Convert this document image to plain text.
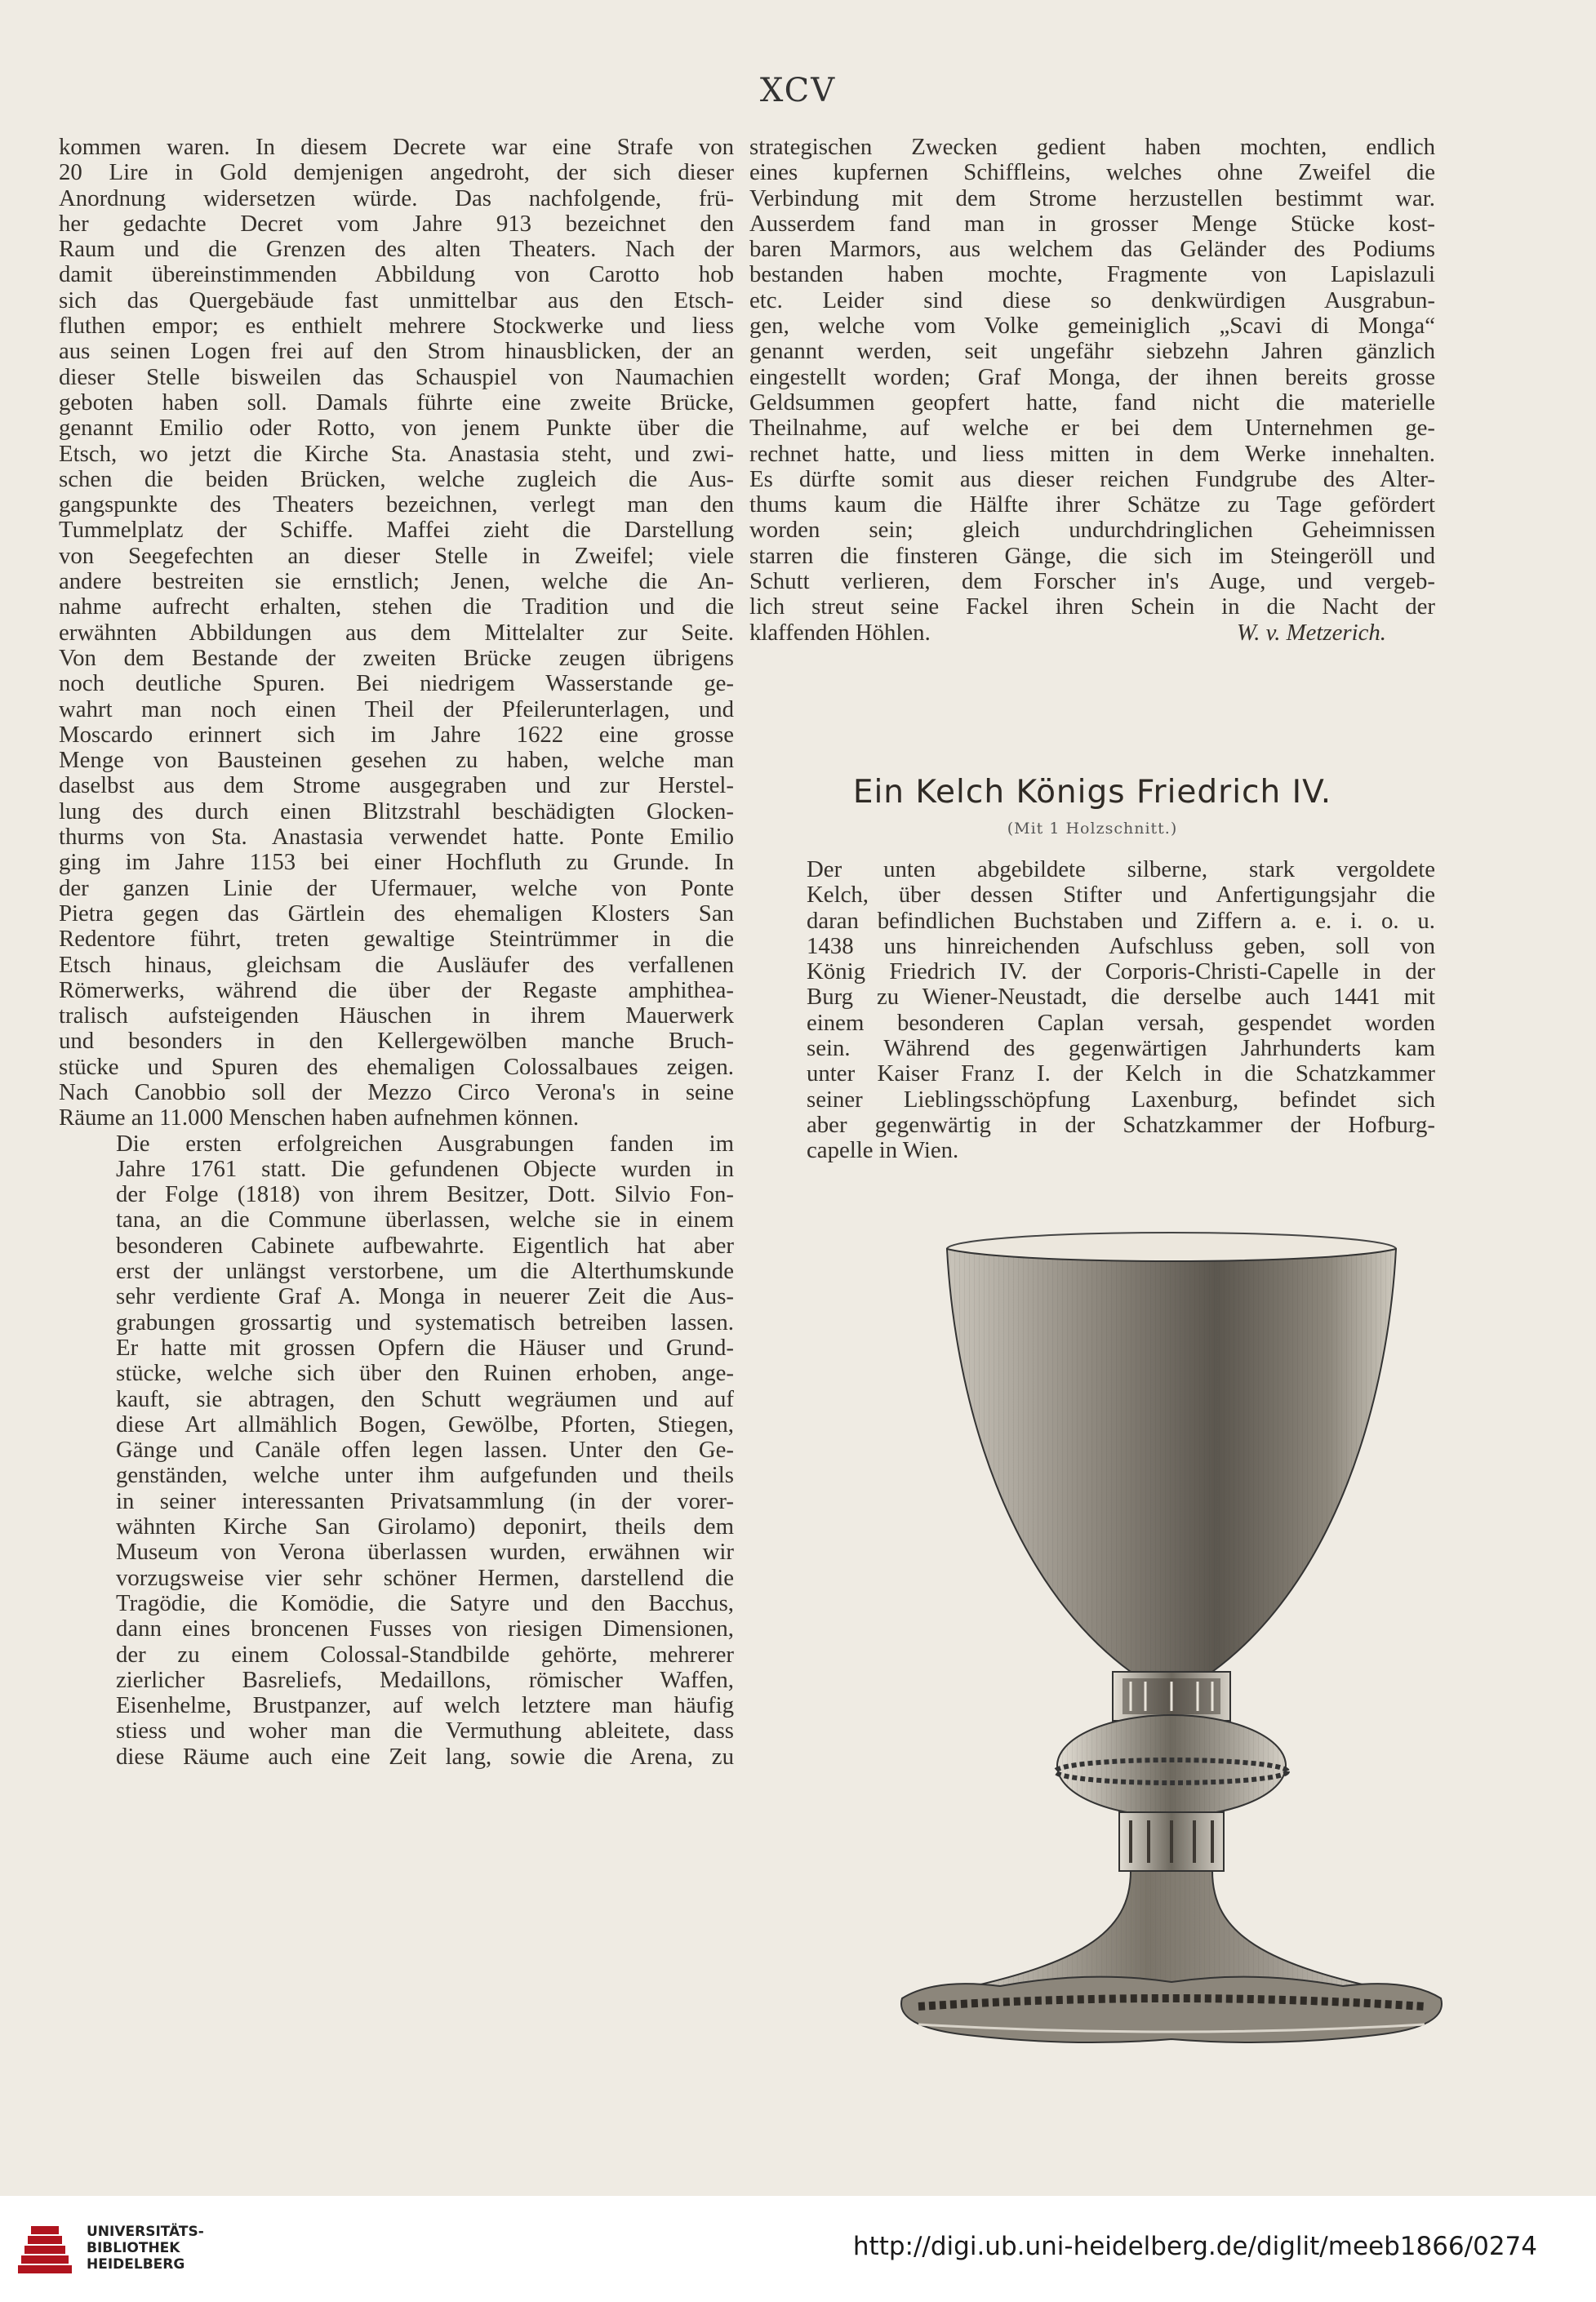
XCV

kommen waren. In diesem Decrete war eine Strafe von
20 Lire in Gold demjenigen angedroht, der sich dieser
Anordnung widersetzen würde. Das nachfolgende, frü-
her gedachte Decret vom Jahre 913 bezeichnet den
Raum und die Grenzen des alten Theaters. Nach der
damit übereinstimmenden Abbildung von Carotto hob
sich das Quergebäude fast unmittelbar aus den Etsch-
fluthen empor; es enthielt mehrere Stockwerke und liess
aus seinen Logen frei auf den Strom hinausblicken, der an
dieser Stelle bisweilen das Schauspiel von Naumachien
geboten haben soll. Damals führte eine zweite Brücke,
genannt Emilio oder Rotto, von jenem Punkte über die
Etsch, wo jetzt die Kirche Sta. Anastasia steht, und zwi-
schen die beiden Brücken, welche zugleich die Aus-
gangspunkte des Theaters bezeichnen, verlegt man den
Tummelplatz der Schiffe. Maffei zieht die Darstellung
von Seegefechten an dieser Stelle in Zweifel; viele
andere bestreiten sie ernstlich; Jenen, welche die An-
nahme aufrecht erhalten, stehen die Tradition und die
erwähnten Abbildungen aus dem Mittelalter zur Seite.
Von dem Bestande der zweiten Brücke zeugen übrigens
noch deutliche Spuren. Bei niedrigem Wasserstande ge-
wahrt man noch einen Theil der Pfeilerunterlagen, und
Moscardo erinnert sich im Jahre 1622 eine grosse
Menge von Bausteinen gesehen zu haben, welche man
daselbst aus dem Strome ausgegraben und zur Herstel-
lung des durch einen Blitzstrahl beschädigten Glocken-
thurms von Sta. Anastasia verwendet hatte. Ponte Emilio
ging im Jahre 1153 bei einer Hochfluth zu Grunde. In
der ganzen Linie der Ufermauer, welche von Ponte
Pietra gegen das Gärtlein des ehemaligen Klosters San
Redentore führt, treten gewaltige Steintrümmer in die
Etsch hinaus, gleichsam die Ausläufer des verfallenen
Römerwerks, während die über der Regaste amphithea-
tralisch aufsteigenden Häuschen in ihrem Mauerwerk
und besonders in den Kellergewölben manche Bruch-
stücke und Spuren des ehemaligen Colossalbaues zeigen.
Nach Canobbio soll der Mezzo Circo Verona's in seine
Räume an 11.000 Menschen haben aufnehmen können.

Die ersten erfolgreichen Ausgrabungen fanden im
Jahre 1761 statt. Die gefundenen Objecte wurden in
der Folge (1818) von ihrem Besitzer, Dott. Silvio Fon-
tana, an die Commune überlassen, welche sie in einem
besonderen Cabinete aufbewahrte. Eigentlich hat aber
erst der unlängst verstorbene, um die Alterthumskunde
sehr verdiente Graf A. Monga in neuerer Zeit die Aus-
grabungen grossartig und systematisch betreiben lassen.
Er hatte mit grossen Opfern die Häuser und Grund-
stücke, welche sich über den Ruinen erhoben, ange-
kauft, sie abtragen, den Schutt wegräumen und auf
diese Art allmählich Bogen, Gewölbe, Pforten, Stiegen,
Gänge und Canäle offen legen lassen. Unter den Ge-
genständen, welche unter ihm aufgefunden und theils
in seiner interessanten Privatsammlung (in der vorer-
wähnten Kirche San Girolamo) deponirt, theils dem
Museum von Verona überlassen wurden, erwähnen wir
vorzugsweise vier sehr schöner Hermen, darstellend die
Tragödie, die Komödie, die Satyre und den Bacchus,
dann eines broncenen Fusses von riesigen Dimensionen,
der zu einem Colossal-Standbilde gehörte, mehrerer
zierlicher Basreliefs, Medaillons, römischer Waffen,
Eisenhelme, Brustpanzer, auf welch letztere man häufig
stiess und woher man die Vermuthung ableitete, dass
diese Räume auch eine Zeit lang, sowie die Arena, zu

strategischen Zwecken gedient haben mochten, endlich
eines kupfernen Schiffleins, welches ohne Zweifel die
Verbindung mit dem Strome herzustellen bestimmt war.
Ausserdem fand man in grosser Menge Stücke kost-
baren Marmors, aus welchem das Geländer des Podiums
bestanden haben mochte, Fragmente von Lapislazuli
etc. Leider sind diese so denkwürdigen Ausgrabun-
gen, welche vom Volke gemeiniglich „Scavi di Monga“
genannt werden, seit ungefähr siebzehn Jahren gänzlich
eingestellt worden; Graf Monga, der ihnen bereits grosse
Geldsummen geopfert hatte, fand nicht die materielle
Theilnahme, auf welche er bei dem Unternehmen ge-
rechnet hatte, und liess mitten in dem Werke innehalten.
Es dürfte somit aus dieser reichen Fundgrube des Alter-
thums kaum die Hälfte ihrer Schätze zu Tage gefördert
worden sein; gleich undurchdringlichen Geheimnissen
starren die finsteren Gänge, die sich im Steingeröll und
Schutt verlieren, dem Forscher in's Auge, und vergeb-
lich streut seine Fackel ihren Schein in die Nacht der

klaffenden Höhlen.	W. v. Metzerich.
Ein Kelch Königs Friedrich IV.
(Mit 1 Holzschnitt.)

Der unten abgebildete silberne, stark vergoldete
Kelch, über dessen Stifter und Anfertigungsjahr die
daran befindlichen Buchstaben und Ziffern a. e. i. o. u.
1438 uns hinreichenden Aufschluss geben, soll von
König Friedrich IV. der Corporis-Christi-Capelle in der
Burg zu Wiener-Neustadt, die derselbe auch 1441 mit
einem besonderen Caplan versah, gespendet worden
sein. Während des gegenwärtigen Jahrhunderts kam
unter Kaiser Franz I. der Kelch in die Schatzkammer
seiner Lieblingsschöpfung Laxenburg, befindet sich
aber gegenwärtig in der Schatzkammer der Hofburg-
capelle in Wien.

UNIVERSITÄTS-
BIBLIOTHEK
HEIDELBERG
http://digi.ub.uni-heidelberg.de/diglit/meeb1866/0274
